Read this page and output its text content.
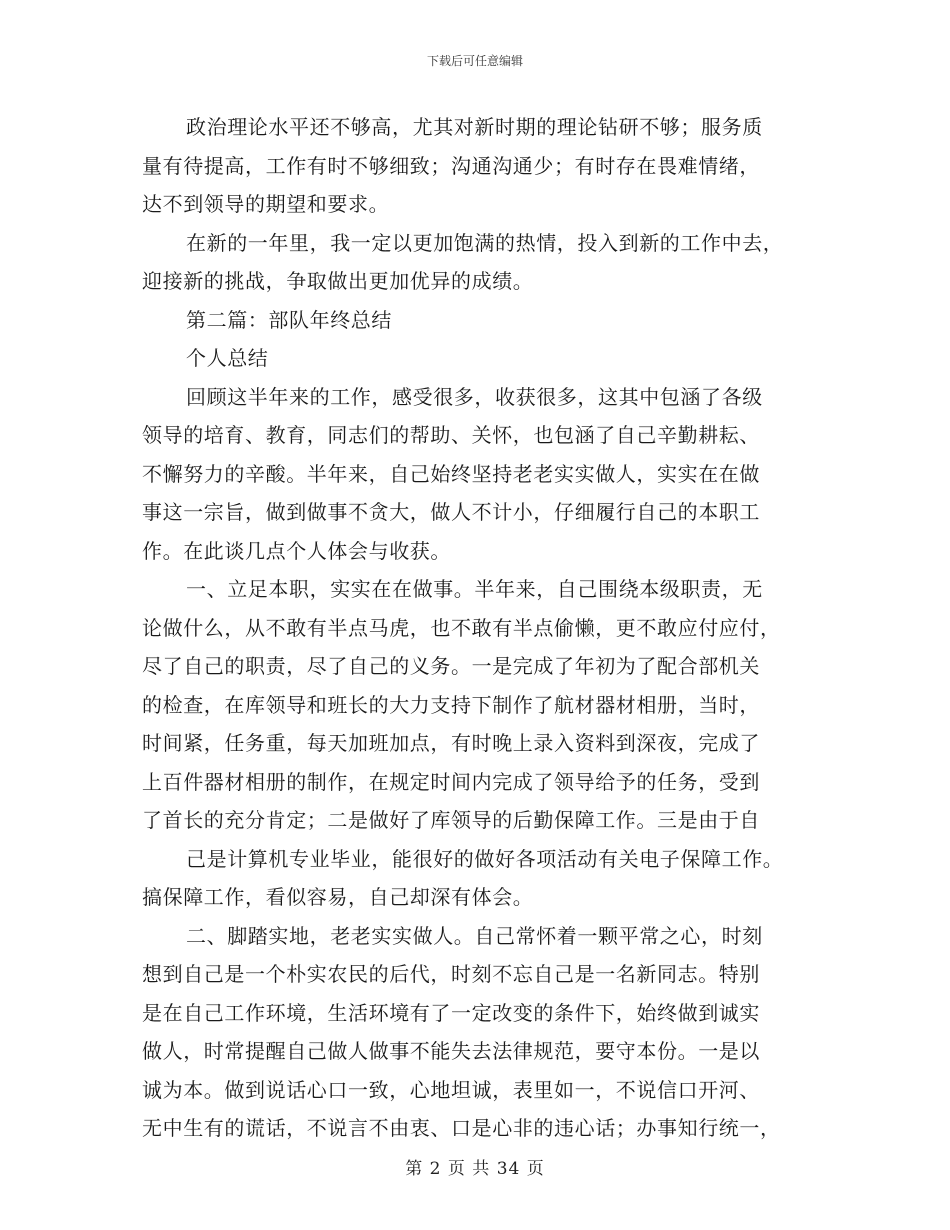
下载后可任意编辑
政治理论水平还不够高，尤其对新时期的理论钻研不够；服务质
量有待提高，工作有时不够细致；沟通沟通少；有时存在畏难情绪，
达不到领导的期望和要求。
在新的一年里，我一定以更加饱满的热情，投入到新的工作中去，
迎接新的挑战，争取做出更加优异的成绩。
第二篇：部队年终总结
个人总结
回顾这半年来的工作，感受很多，收获很多，这其中包涵了各级
领导的培育、教育，同志们的帮助、关怀，也包涵了自己辛勤耕耘、
不懈努力的辛酸。半年来，自己始终坚持老老实实做人，实实在在做
事这一宗旨，做到做事不贪大，做人不计小，仔细履行自己的本职工
作。在此谈几点个人体会与收获。
一、立足本职，实实在在做事。半年来，自己围绕本级职责，无
论做什么，从不敢有半点马虎，也不敢有半点偷懒，更不敢应付应付，
尽了自己的职责，尽了自己的义务。一是完成了年初为了配合部机关
的检查，在库领导和班长的大力支持下制作了航材器材相册，当时，
时间紧，任务重，每天加班加点，有时晚上录入资料到深夜，完成了
上百件器材相册的制作，在规定时间内完成了领导给予的任务，受到
了首长的充分肯定；二是做好了库领导的后勤保障工作。三是由于自
己是计算机专业毕业，能很好的做好各项活动有关电子保障工作。
搞保障工作，看似容易，自己却深有体会。
二、脚踏实地，老老实实做人。自己常怀着一颗平常之心，时刻
想到自己是一个朴实农民的后代，时刻不忘自己是一名新同志。特别
是在自己工作环境，生活环境有了一定改变的条件下，始终做到诚实
做人，时常提醒自己做人做事不能失去法律规范，要守本份。一是以
诚为本。做到说话心口一致，心地坦诚，表里如一，不说信口开河、
无中生有的谎话，不说言不由衷、口是心非的违心话；办事知行统一，
第 2 页 共 34 页
